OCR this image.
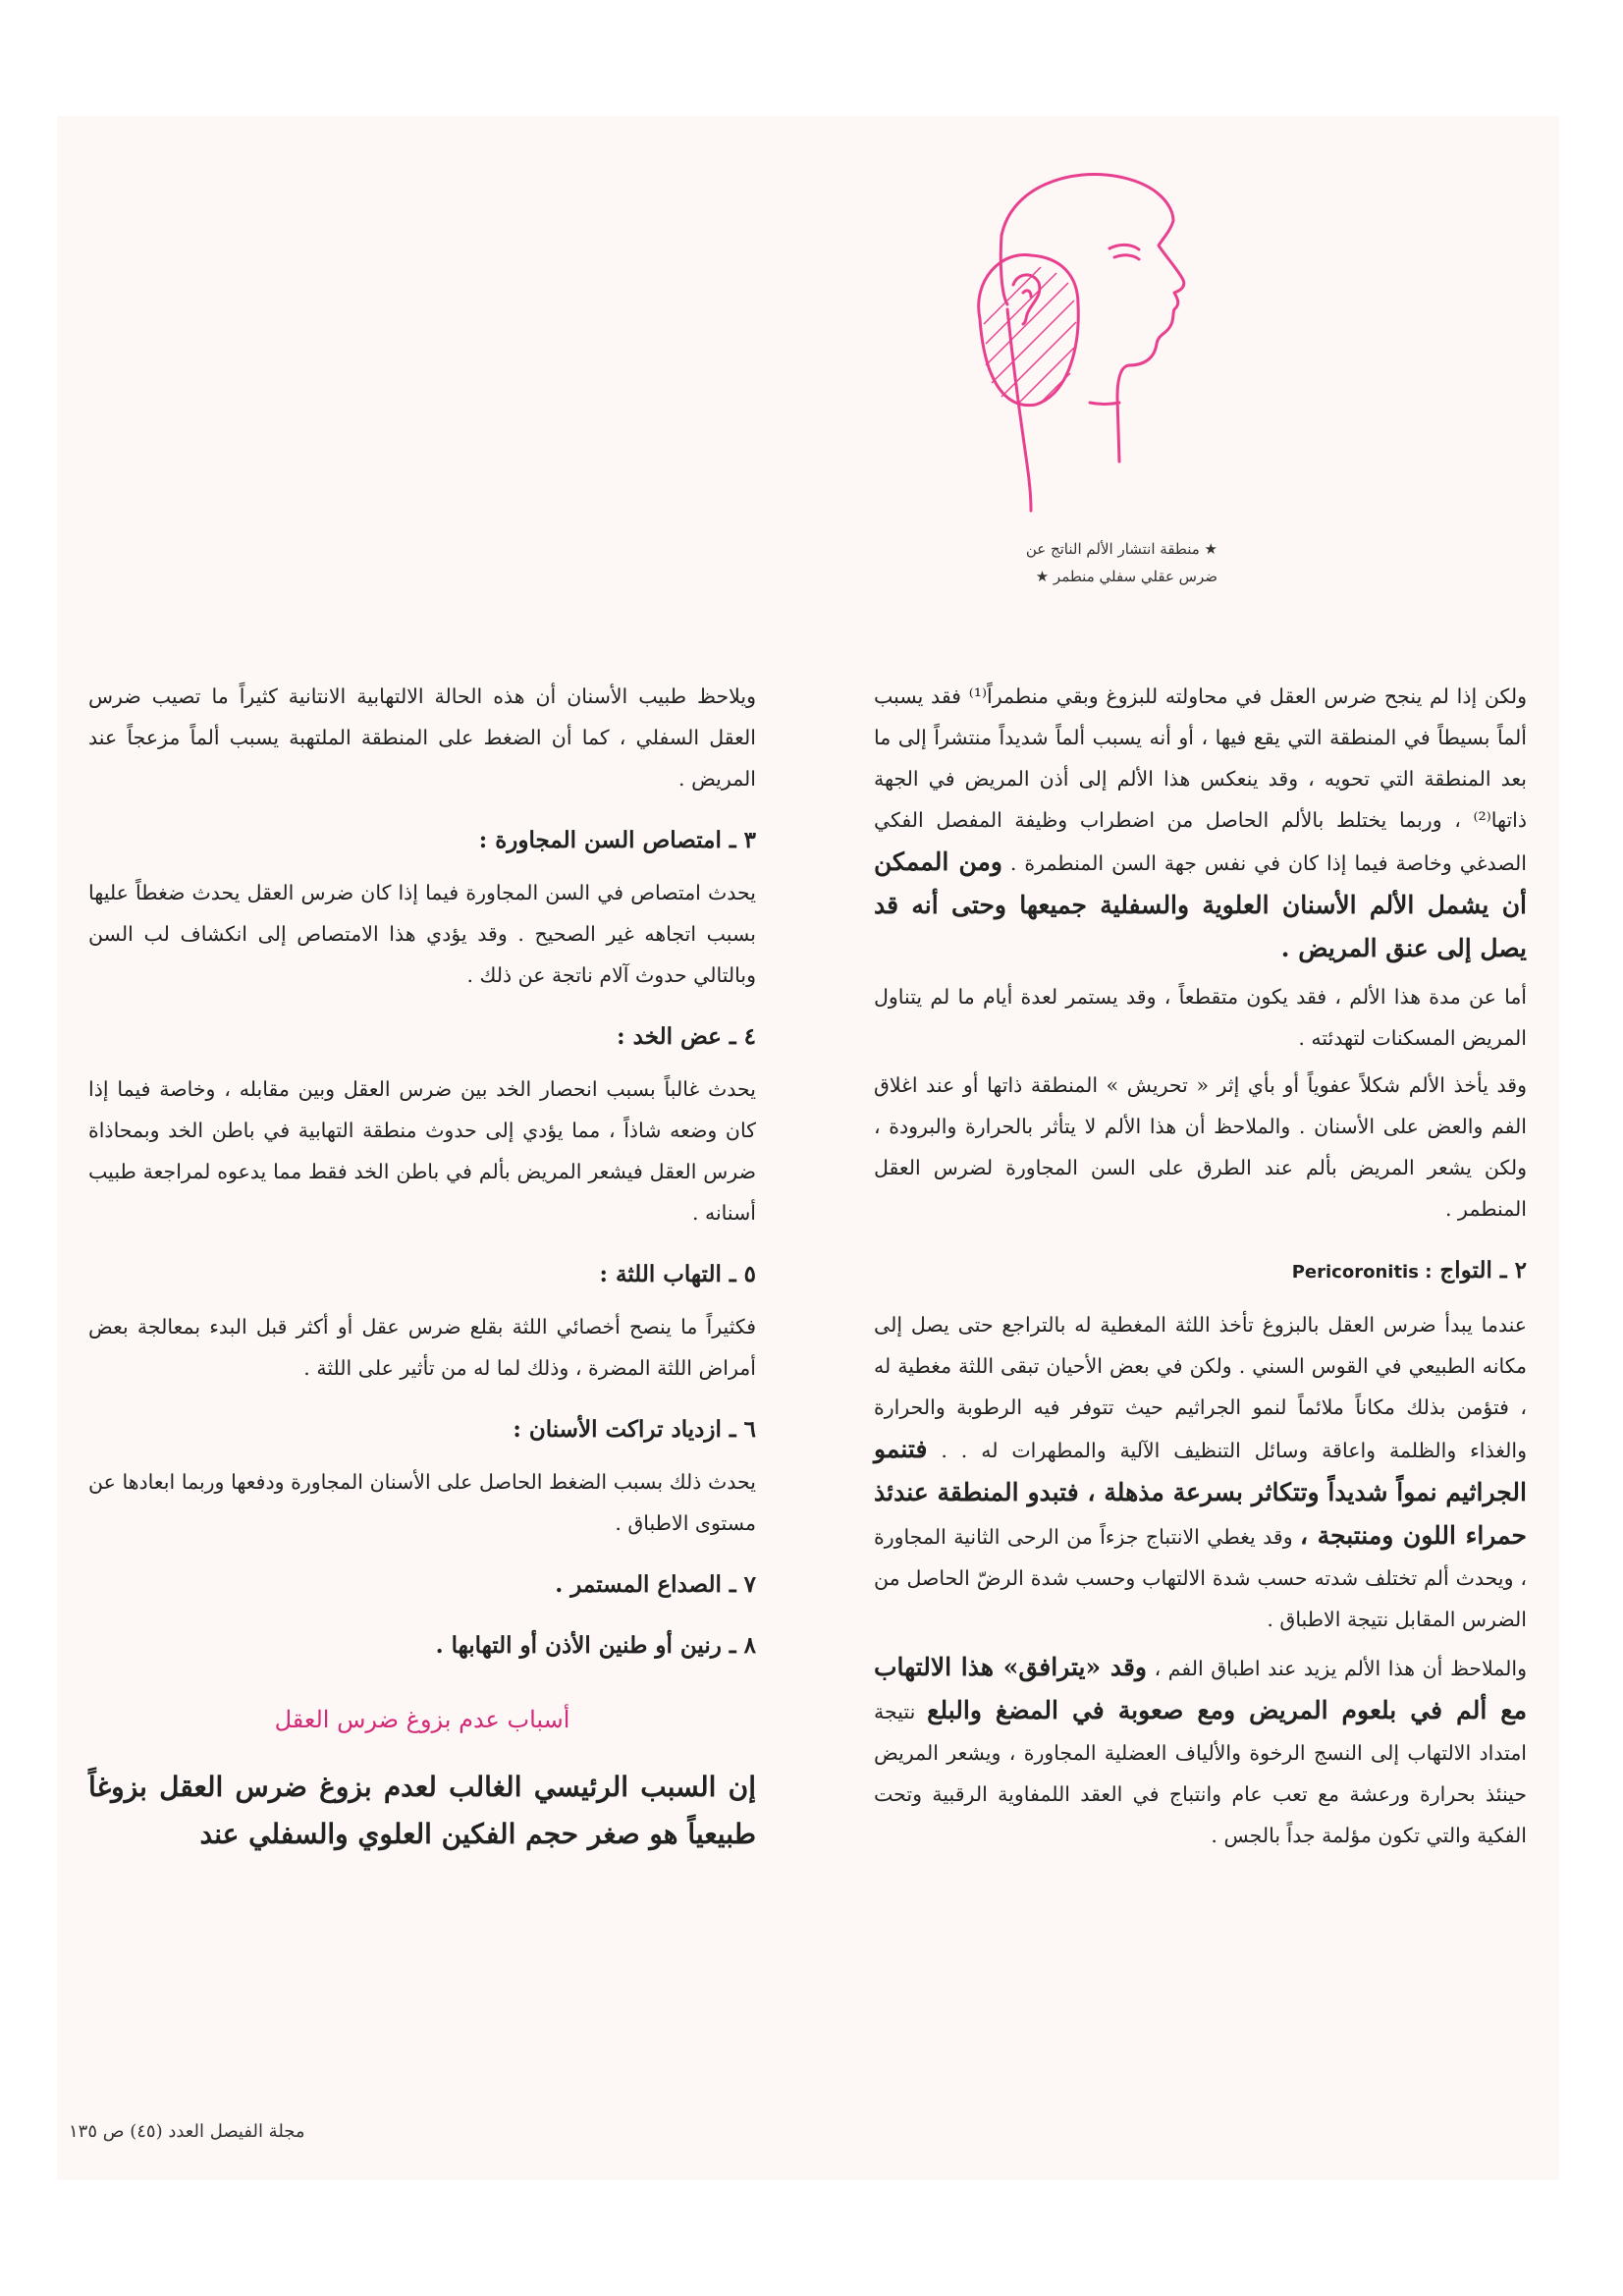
★ منطقة انتشار الألم الناتج عن
ضرس عقلي سفلي منطمر ★

ولكن إذا لم ينجح ضرس العقل في محاولته للبزوغ وبقي منطمراً⁽¹⁾ فقد يسبب ألماً بسيطاً في المنطقة التي يقع فيها ، أو أنه يسبب ألماً شديداً منتشراً إلى ما بعد المنطقة التي تحويه ، وقد ينعكس هذا الألم إلى أذن المريض في الجهة ذاتها⁽²⁾ ، وربما يختلط بالألم الحاصل من اضطراب وظيفة المفصل الفكي الصدغي وخاصة فيما إذا كان في نفس جهة السن المنطمرة . ومن الممكن أن يشمل الألم الأسنان العلوية والسفلية جميعها وحتى أنه قد يصل إلى عنق المريض .

أما عن مدة هذا الألم ، فقد يكون متقطعاً ، وقد يستمر لعدة أيام ما لم يتناول المريض المسكنات لتهدئته .

وقد يأخذ الألم شكلاً عفوياً أو بأي إثر « تحريش » المنطقة ذاتها أو عند اغلاق الفم والعض على الأسنان . والملاحظ أن هذا الألم لا يتأثر بالحرارة والبرودة ، ولكن يشعر المريض بألم عند الطرق على السن المجاورة لضرس العقل المنطمر .

٢ ـ التواج Pericoronitis :

عندما يبدأ ضرس العقل بالبزوغ تأخذ اللثة المغطية له بالتراجع حتى يصل إلى مكانه الطبيعي في القوس السني . ولكن في بعض الأحيان تبقى اللثة مغطية له ، فتؤمن بذلك مكاناً ملائماً لنمو الجراثيم حيث تتوفر فيه الرطوبة والحرارة والغذاء والظلمة واعاقة وسائل التنظيف الآلية والمطهرات له . . فتنمو الجراثيم نمواً شديداً وتتكاثر بسرعة مذهلة ، فتبدو المنطقة عندئذ حمراء اللون ومنتبجة ، وقد يغطي الانتباج جزءاً من الرحى الثانية المجاورة ، ويحدث ألم تختلف شدته حسب شدة الالتهاب وحسب شدة الرضّ الحاصل من الضرس المقابل نتيجة الاطباق .

والملاحظ أن هذا الألم يزيد عند اطباق الفم ، وقد «يترافق» هذا الالتهاب مع ألم في بلعوم المريض ومع صعوبة في المضغ والبلع نتيجة امتداد الالتهاب إلى النسج الرخوة والألياف العضلية المجاورة ، ويشعر المريض حينئذ بحرارة ورعشة مع تعب عام وانتباج في العقد اللمفاوية الرقبية وتحت الفكية والتي تكون مؤلمة جداً بالجس .

ويلاحظ طبيب الأسنان أن هذه الحالة الالتهابية الانتانية كثيراً ما تصيب ضرس العقل السفلي ، كما أن الضغط على المنطقة الملتهبة يسبب ألماً مزعجاً عند المريض .

٣ ـ امتصاص السن المجاورة :

يحدث امتصاص في السن المجاورة فيما إذا كان ضرس العقل يحدث ضغطاً عليها بسبب اتجاهه غير الصحيح . وقد يؤدي هذا الامتصاص إلى انكشاف لب السن وبالتالي حدوث آلام ناتجة عن ذلك .

٤ ـ عض الخد :

يحدث غالباً بسبب انحصار الخد بين ضرس العقل وبين مقابله ، وخاصة فيما إذا كان وضعه شاذاً ، مما يؤدي إلى حدوث منطقة التهابية في باطن الخد وبمحاذاة ضرس العقل فيشعر المريض بألم في باطن الخد فقط مما يدعوه لمراجعة طبيب أسنانه .

٥ ـ التهاب اللثة :

فكثيراً ما ينصح أخصائي اللثة بقلع ضرس عقل أو أكثر قبل البدء بمعالجة بعض أمراض اللثة المضرة ، وذلك لما له من تأثير على اللثة .

٦ ـ ازدياد تراكت الأسنان :

يحدث ذلك بسبب الضغط الحاصل على الأسنان المجاورة ودفعها وربما ابعادها عن مستوى الاطباق .

٧ ـ الصداع المستمر .
٨ ـ رنين أو طنين الأذن أو التهابها .
أسباب عدم بزوغ ضرس العقل

إن السبب الرئيسي الغالب لعدم بزوغ ضرس العقل بزوغاً طبيعياً هو صغر حجم الفكين العلوي والسفلي عند

مجلة الفيصل العدد (٤٥) ص ١٣٥
